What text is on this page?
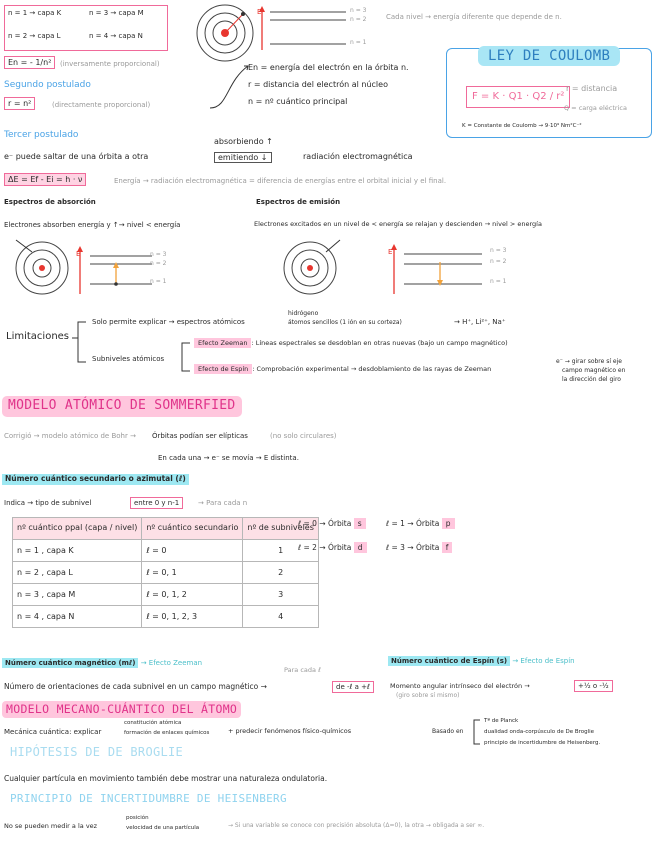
n = 1 → capa K	n = 3 → capa M
n = 2 → capa L	n = 4 → capa N
E	n = 3
n = 2
n = 1
Cada nivel → energía diferente que depende de n.
En = - 1/n²	(inversamente proporcional)
Segundo postulado
r = n²	(directamente proporcional)
En = energía del electrón en la órbita n.
r = distancia del electrón al núcleo
n = nº cuántico principal
LEY DE COULOMB
F = K · Q1 · Q2 / r²
r = distancia
Q = carga eléctrica
K = Constante de Coulomb → 9·10⁹ Nm²C⁻²
Tercer postulado
e⁻ puede saltar de una órbita a otra
absorbiendo ↑
emitiendo ↓	radiación electromagnética
ΔE = Ef - Ei = h · ν	Energía → radiación electromagnética = diferencia de energías entre el orbital inicial y el final.
Espectros de absorción
Electrones absorben energía y ↑→ nivel < energía
Espectros de emisión
Electrones excitados en un nivel de < energía se relajan y descienden → nivel > energía
E	n = 3
n = 2
n = 1
E	n = 3
n = 2
n = 1
Limitaciones
Solo permite explicar → espectros atómicos
hidrógeno
átomos sencillos (1 ión en su corteza)	→ H⁺, Li²⁺, Na⁺
Subniveles atómicos
Efecto Zeeman : Líneas espectrales se desdoblan en otras nuevas (bajo un campo magnético)
Efecto de Espín : Comprobación experimental → desdoblamiento de las rayas de Zeeman
e⁻ → girar sobre sí eje
campo magnético en
la dirección del giro
MODELO ATÓMICO DE SOMMERFIED
Corrigió → modelo atómico de Bohr → Órbitas podían ser elípticas	(no solo circulares)
En cada una → e⁻ se movía → E distinta.
Número cuántico secundario o azimutal (ℓ)
Indica → tipo de subnivel	entre 0 y n-1	→ Para cada n
nº cuántico ppal (capa / nivel)	nº cuántico secundario	nº de subniveles
n = 1 , capa K	ℓ = 0	1
n = 2 , capa L	ℓ = 0, 1	2
n = 3 , capa M	ℓ = 0, 1, 2	3
n = 4 , capa N	ℓ = 0, 1, 2, 3	4
ℓ = 0 → Órbita s	ℓ = 1 → Órbita p
ℓ = 2 → Órbita d	ℓ = 3 → Órbita f
Número cuántico magnético (mℓ) → Efecto Zeeman
Para cada ℓ
Número de orientaciones de cada subnivel en un campo magnético →	de -ℓ a +ℓ
Número cuántico de Espín (s) → Efecto de Espín
Momento angular intrínseco del electrón →
(giro sobre sí mismo)
+½ o -½
MODELO MECANO-CUÁNTICO DEL ÁTOMO
Mecánica cuántica: explicar
constitución atómica
formación de enlaces químicos	+ predecir fenómenos físico-químicos	Basado en
Tª de Planck
dualidad onda-corpúsculo de De Broglie
principio de incertidumbre de Heisenberg.
HIPÓTESIS DE DE BROGLIE
Cualquier partícula en movimiento también debe mostrar una naturaleza ondulatoria.
PRINCIPIO DE INCERTIDUMBRE DE HEISENBERG
No se pueden medir a la vez
posición
velocidad de una partícula	→ Si una variable se conoce con precisión absoluta (Δ=0), la otra → obligada a ser ∞.
